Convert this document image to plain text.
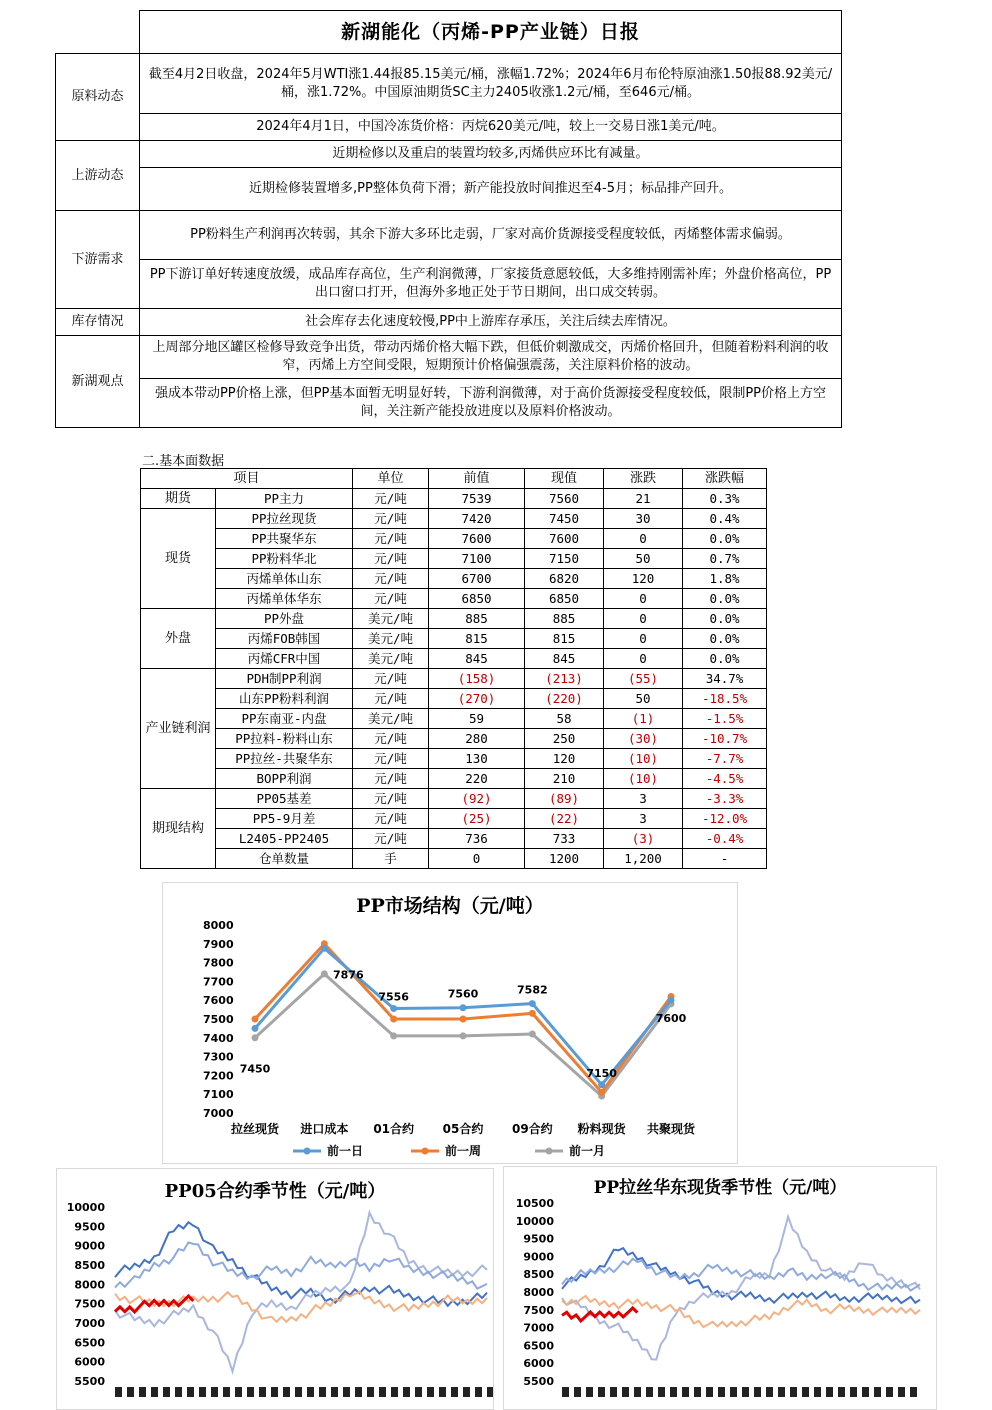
	新湖能化（丙烯-PP产业链）日报
原料动态	截至4月2日收盘，2024年5月WTI涨1.44报85.15美元/桶，涨幅1.72%；2024年6月布伦特原油涨1.50报88.92美元/桶，涨1.72%。中国原油期货SC主力2405收涨1.2元/桶，至646元/桶。
	2024年4月1日，中国冷冻货价格：丙烷620美元/吨，较上一交易日涨1美元/吨。
上游动态	近期检修以及重启的装置均较多,丙烯供应环比有减量。
	近期检修装置增多,PP整体负荷下滑；新产能投放时间推迟至4-5月；标品排产回升。
下游需求	PP粉料生产利润再次转弱，其余下游大多环比走弱，厂家对高价货源接受程度较低，丙烯整体需求偏弱。
	PP下游订单好转速度放缓，成品库存高位，生产利润微薄，厂家接货意愿较低，大多维持刚需补库；外盘价格高位，PP出口窗口打开，但海外多地正处于节日期间，出口成交转弱。
库存情况	社会库存去化速度较慢,PP中上游库存承压，关注后续去库情况。
新湖观点	上周部分地区罐区检修导致竞争出货，带动丙烯价格大幅下跌，但低价刺激成交，丙烯价格回升，但随着粉料利润的收窄，丙烯上方空间受限，短期预计价格偏强震荡，关注原料价格的波动。
	强成本带动PP价格上涨，但PP基本面暂无明显好转，下游利润微薄，对于高价货源接受程度较低，限制PP价格上方空间，关注新产能投放进度以及原料价格波动。
二.基本面数据
项目		单位	前值	现值	涨跌	涨跌幅
期货	PP主力	元/吨	7539	7560	21	0.3%
现货	PP拉丝现货	元/吨	7420	7450	30	0.4%
	PP共聚华东	元/吨	7600	7600	0	0.0%
	PP粉料华北	元/吨	7100	7150	50	0.7%
	丙烯单体山东	元/吨	6700	6820	120	1.8%
	丙烯单体华东	元/吨	6850	6850	0	0.0%
外盘	PP外盘	美元/吨	885	885	0	0.0%
	丙烯FOB韩国	美元/吨	815	815	0	0.0%
	丙烯CFR中国	美元/吨	845	845	0	0.0%
产业链利润	PDH制PP利润	元/吨	(158)	(213)	(55)	34.7%
	山东PP粉料利润	元/吨	(270)	(220)	50	-18.5%
	PP东南亚-内盘	美元/吨	59	58	(1)	-1.5%
	PP拉料-粉料山东	元/吨	280	250	(30)	-10.7%
	PP拉丝-共聚华东	元/吨	130	120	(10)	-7.7%
	BOPP利润	元/吨	220	210	(10)	-4.5%
期现结构	PP05基差	元/吨	(92)	(89)	3	-3.3%
	PP5-9月差	元/吨	(25)	(22)	3	-12.0%
	L2405-PP2405	元/吨	736	733	(3)	-0.4%
	仓单数量	手	0	1200	1,200	-
PP市场结构（元/吨）
7000
7100
7200
7300
7400
7500
7600
7700
7800
7900
8000
拉丝现货 进口成本 01合约 05合约 09合约 粉料现货 共聚现货
7450
7876
7556	7560	7582
7150
7600
前一日	前一周	前一月
PP05合约季节性（元/吨）
5500
6000
6500
7000
7500
8000
8500
9000
9500
10000
PP拉丝华东现货季节性（元/吨）
5500
6000
6500
7000
7500
8000
8500
9000
9500
10000
10500
